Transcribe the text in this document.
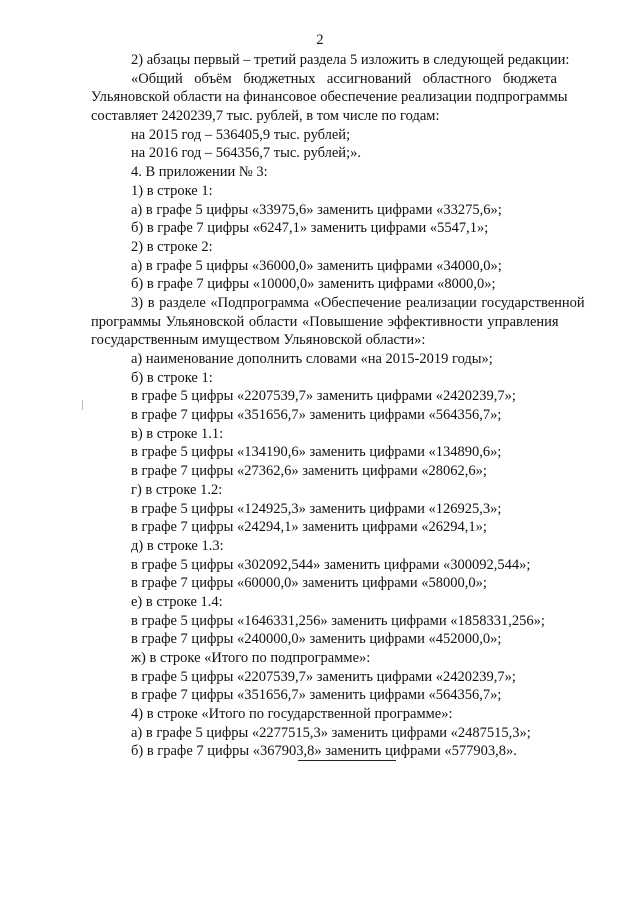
2
2) абзацы первый – третий раздела 5 изложить в следующей редакции:
«Общий объём бюджетных ассигнований областного бюджета
Ульяновской области на финансовое обеспечение реализации подпрограммы
составляет 2420239,7 тыс. рублей, в том числе по годам:
на 2015 год – 536405,9 тыс. рублей;
на 2016 год – 564356,7 тыс. рублей;».
4. В приложении № 3:
1) в строке 1:
а) в графе 5 цифры «33975,6» заменить цифрами «33275,6»;
б) в графе 7 цифры «6247,1» заменить цифрами «5547,1»;
2) в строке 2:
а) в графе 5 цифры «36000,0» заменить цифрами «34000,0»;
б) в графе 7 цифры «10000,0» заменить цифрами «8000,0»;
3) в разделе «Подпрограмма «Обеспечение реализации государственной
программы Ульяновской области «Повышение эффективности управления
государственным имуществом Ульяновской области»:
а) наименование дополнить словами «на 2015-2019 годы»;
б) в строке 1:
в графе 5 цифры «2207539,7» заменить цифрами «2420239,7»;
в графе 7 цифры «351656,7» заменить цифрами «564356,7»;
в) в строке 1.1:
в графе 5 цифры «134190,6» заменить цифрами «134890,6»;
в графе 7 цифры «27362,6» заменить цифрами «28062,6»;
г) в строке 1.2:
в графе 5 цифры «124925,3» заменить цифрами «126925,3»;
в графе 7 цифры «24294,1» заменить цифрами «26294,1»;
д) в строке 1.3:
в графе 5 цифры «302092,544» заменить цифрами «300092,544»;
в графе 7 цифры «60000,0» заменить цифрами «58000,0»;
е) в строке 1.4:
в графе 5 цифры «1646331,256» заменить цифрами «1858331,256»;
в графе 7 цифры «240000,0» заменить цифрами «452000,0»;
ж) в строке «Итого по подпрограмме»:
в графе 5 цифры «2207539,7» заменить цифрами «2420239,7»;
в графе 7 цифры «351656,7» заменить цифрами «564356,7»;
4) в строке «Итого по государственной программе»:
а) в графе 5 цифры «2277515,3» заменить цифрами «2487515,3»;
б) в графе 7 цифры «367903,8» заменить цифрами «577903,8».
